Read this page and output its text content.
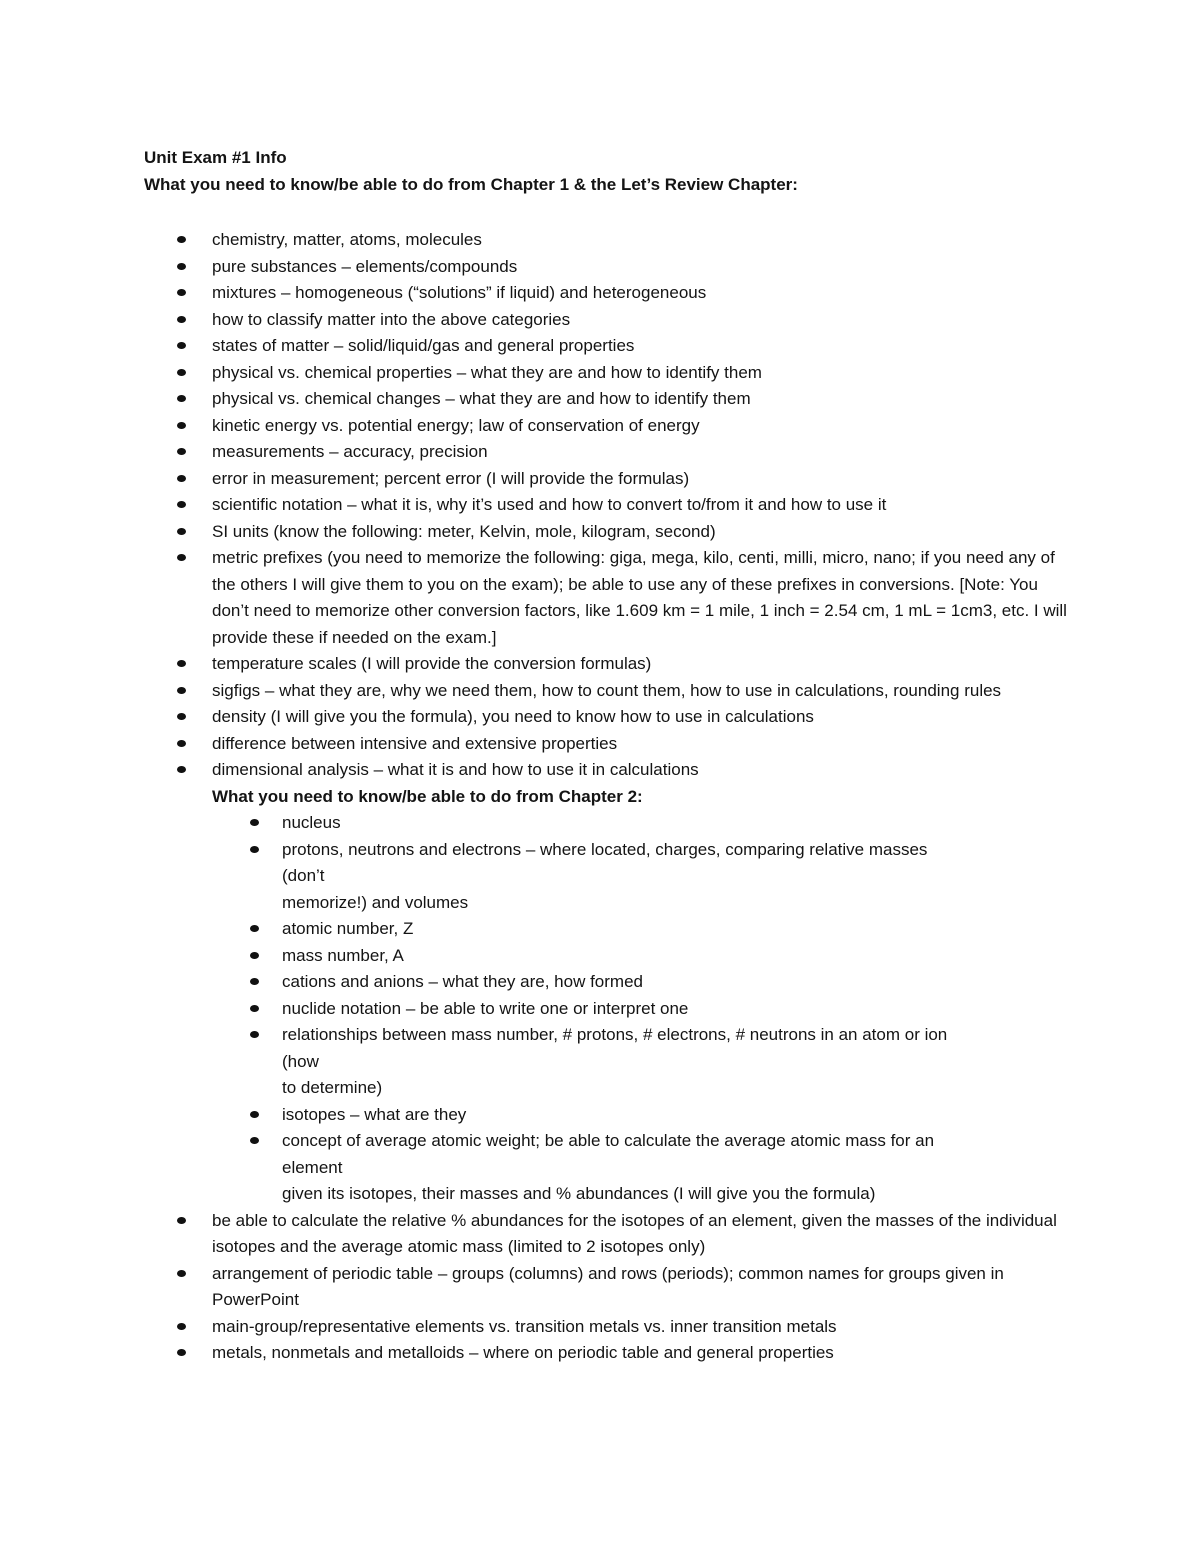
Unit Exam #1 Info
What you need to know/be able to do from Chapter 1 & the Let’s Review Chapter:
chemistry, matter, atoms, molecules
pure substances – elements/compounds
mixtures – homogeneous (“solutions” if liquid) and heterogeneous
how to classify matter into the above categories
states of matter – solid/liquid/gas and general properties
physical vs. chemical properties – what they are and how to identify them
physical vs. chemical changes – what they are and how to identify them
kinetic energy vs. potential energy; law of conservation of energy
measurements – accuracy, precision
error in measurement; percent error (I will provide the formulas)
scientific notation – what it is, why it’s used and how to convert to/from it and how to use it
SI units (know the following: meter, Kelvin, mole, kilogram, second)
metric prefixes (you need to memorize the following: giga, mega, kilo, centi, milli, micro, nano; if you need any of the others I will give them to you on the exam); be able to use any of these prefixes in conversions. [Note: You don’t need to memorize other conversion factors, like 1.609 km = 1 mile, 1 inch = 2.54 cm, 1 mL = 1cm3, etc. I will provide these if needed on the exam.]
temperature scales (I will provide the conversion formulas)
sigfigs – what they are, why we need them, how to count them, how to use in calculations, rounding rules
density (I will give you the formula), you need to know how to use in calculations
difference between intensive and extensive properties
dimensional analysis – what it is and how to use it in calculations
What you need to know/be able to do from Chapter 2:
nucleus
protons, neutrons and electrons – where located, charges, comparing relative masses
(don’t
memorize!) and volumes
atomic number, Z
mass number, A
cations and anions – what they are, how formed
nuclide notation – be able to write one or interpret one
relationships between mass number, # protons, # electrons, # neutrons in an atom or ion
(how
to determine)
isotopes – what are they
concept of average atomic weight; be able to calculate the average atomic mass for an
element
given its isotopes, their masses and % abundances (I will give you the formula)
be able to calculate the relative % abundances for the isotopes of an element, given the masses of the individual isotopes and the average atomic mass (limited to 2 isotopes only)
arrangement of periodic table – groups (columns) and rows (periods); common names for groups given in PowerPoint
main-group/representative elements vs. transition metals vs. inner transition metals
metals, nonmetals and metalloids – where on periodic table and general properties
